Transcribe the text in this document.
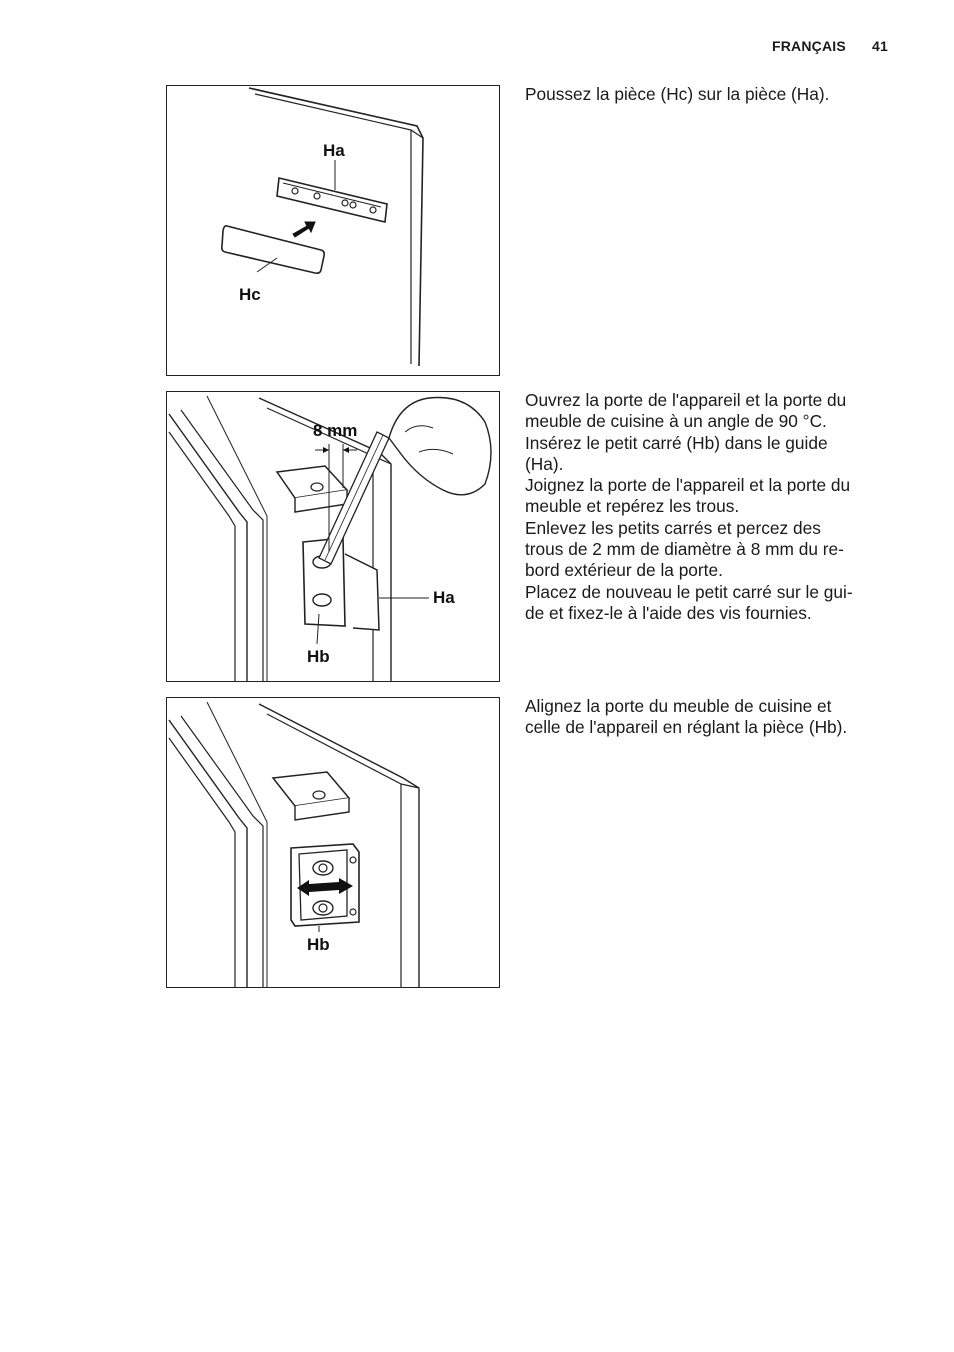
FRANÇAIS 41
Ha
Hc

Poussez la pièce (Hc) sur la pièce (Ha).

8 mm
Ha
Hb

Ouvrez la porte de l'appareil et la porte du

meuble de cuisine à un angle de 90 °C.

Insérez le petit carré (Hb) dans le guide

(Ha).

Joignez la porte de l'appareil et la porte du

meuble et repérez les trous.

Enlevez les petits carrés et percez des

trous de 2 mm de diamètre à 8 mm du re-

bord extérieur de la porte.

Placez de nouveau le petit carré sur le gui-

de et fixez-le à l'aide des vis fournies.

Hb

Alignez la porte du meuble de cuisine et

celle de l'appareil en réglant la pièce (Hb).
